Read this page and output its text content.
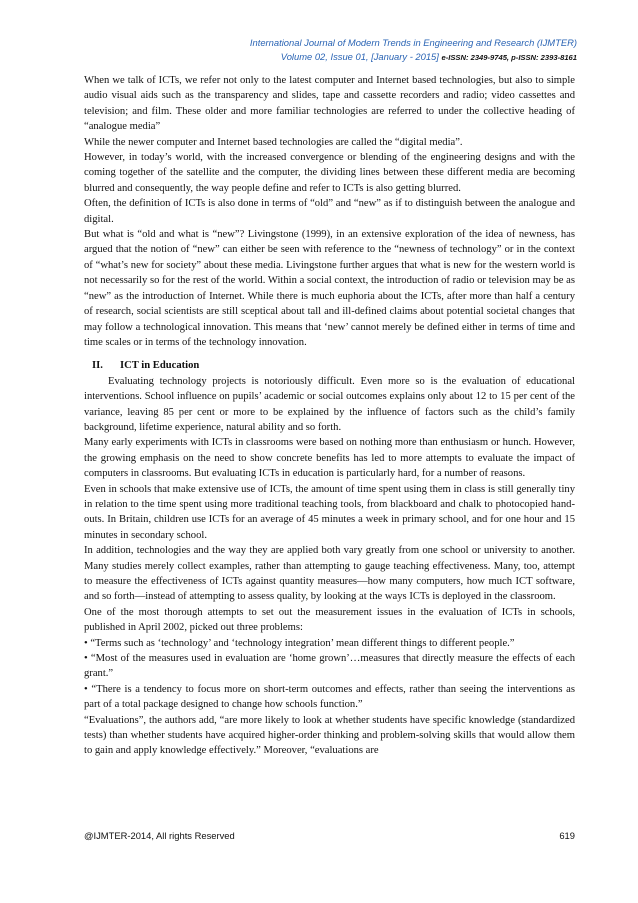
International Journal of Modern Trends in Engineering and Research (IJMTER)
Volume 02, Issue 01, [January - 2015] e-ISSN: 2349-9745, p-ISSN: 2393-8161

When we talk of ICTs, we refer not only to the latest computer and Internet based technologies, but also to simple audio visual aids such as the transparency and slides, tape and cassette recorders and radio; video cassettes and television; and film. These older and more familiar technologies are referred to under the collective heading of “analogue media”

While the newer computer and Internet based technologies are called the “digital media”.

However, in today’s world, with the increased convergence or blending of the engineering designs and with the coming together of the satellite and the computer, the dividing lines between these different media are becoming blurred and consequently, the way people define and refer to ICTs is also getting blurred.

Often, the definition of ICTs is also done in terms of “old” and “new” as if to distinguish between the analogue and digital.

But what is “old and what is “new”? Livingstone (1999), in an extensive exploration of the idea of newness, has argued that the notion of “new” can either be seen with reference to the “newness of technology” or in the context of “what’s new for society” about these media. Livingstone further argues that what is new for the western world is not necessarily so for the rest of the world. Within a social context, the introduction of radio or television may be as “new” as the introduction of Internet. While there is much euphoria about the ICTs, after more than half a century of research, social scientists are still sceptical about tall and ill-defined claims about potential societal changes that may follow a technological innovation. This means that ‘new’ cannot merely be defined either in terms of time and time scales or in terms of the technology innovation.

II. ICT in Education

Evaluating technology projects is notoriously difficult. Even more so is the evaluation of educational interventions. School influence on pupils’ academic or social outcomes explains only about 12 to 15 per cent of the variance, leaving 85 per cent or more to be explained by the influence of factors such as the child’s family background, lifetime experience, natural ability and so forth.

Many early experiments with ICTs in classrooms were based on nothing more than enthusiasm or hunch. However, the growing emphasis on the need to show concrete benefits has led to more attempts to evaluate the impact of computers in classrooms. But evaluating ICTs in education is particularly hard, for a number of reasons.

Even in schools that make extensive use of ICTs, the amount of time spent using them in class is still generally tiny in relation to the time spent using more traditional teaching tools, from blackboard and chalk to photocopied hand-outs. In Britain, children use ICTs for an average of 45 minutes a week in primary school, and for one hour and 15 minutes in secondary school.

In addition, technologies and the way they are applied both vary greatly from one school or university to another. Many studies merely collect examples, rather than attempting to gauge teaching effectiveness. Many, too, attempt to measure the effectiveness of ICTs against quantity measures—how many computers, how much ICT software, and so forth—instead of attempting to assess quality, by looking at the ways ICTs is deployed in the classroom.

One of the most thorough attempts to set out the measurement issues in the evaluation of ICTs in schools, published in April 2002, picked out three problems:

• “Terms such as ‘technology’ and ‘technology integration’ mean different things to different people.”

• “Most of the measures used in evaluation are ‘home grown’…measures that directly measure the effects of each grant.”

• “There is a tendency to focus more on short-term outcomes and effects, rather than seeing the interventions as part of a total package designed to change how schools function.”

“Evaluations”, the authors add, “are more likely to look at whether students have specific knowledge (standardized tests) than whether students have acquired higher-order thinking and problem-solving skills that would allow them to gain and apply knowledge effectively.” Moreover, “evaluations are

@IJMTER-2014, All rights Reserved	619
